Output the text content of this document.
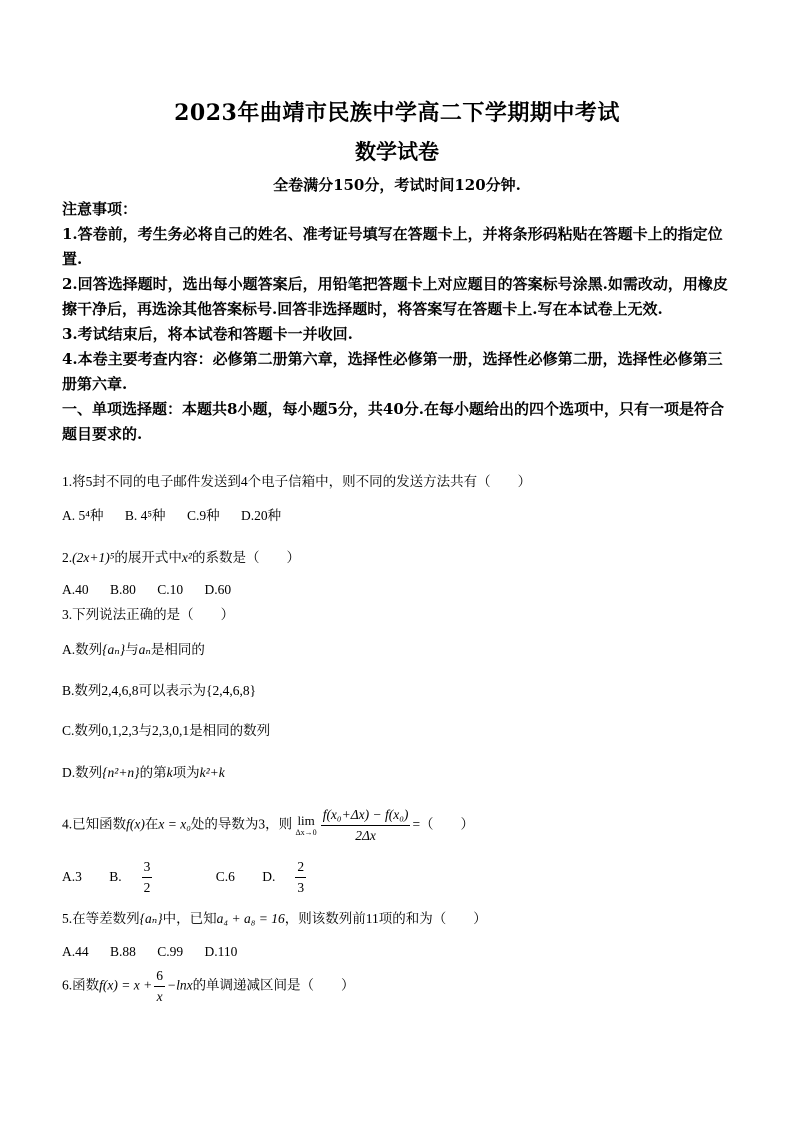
2023年曲靖市民族中学高二下学期期中考试
数学试卷
全卷满分150分，考试时间120分钟.
注意事项：
1.答卷前，考生务必将自己的姓名、准考证号填写在答题卡上，并将条形码粘贴在答题卡上的指定位置.
2.回答选择题时，选出每小题答案后，用铅笔把答题卡上对应题目的答案标号涂黑.如需改动，用橡皮擦干净后，再选涂其他答案标号.回答非选择题时，将答案写在答题卡上.写在本试卷上无效.
3.考试结束后，将本试卷和答题卡一并收回.
4.本卷主要考查内容：必修第二册第六章，选择性必修第一册，选择性必修第二册，选择性必修第三册第六章.
一、单项选择题：本题共8小题，每小题5分，共40分.在每小题给出的四个选项中，只有一项是符合题目要求的.
1.将5封不同的电子邮件发送到4个电子信箱中，则不同的发送方法共有（　　）
A. 5⁴种 B. 4⁵种 C.9种 D.20种
2.(2x+1)⁵的展开式中x²的系数是（　　）
A.40 B.80 C.10 D.60
3.下列说法正确的是（　　）
A.数列{aₙ}与aₙ是相同的
B.数列2,4,6,8可以表示为{2,4,6,8}
C.数列0,1,2,3与2,3,0,1是相同的数列
D.数列{n²+n}的第k项为k²+k
4.已知函数f(x)在x = x₀处的导数为3，则 lim
$\Delta x\to 0 \frac{\text{f(x₀+Δx) − f(x₀)}}{2\Delta x}$ =（　　）
A.3 B. $\frac{3}{2}$	C.6 D. $\frac{2}{3}$
5.在等差数列{aₙ}中，已知a₄ + a₈ = 16，则该数列前11项的和为（　　）
A.44 B.88 C.99 D.110
6.函数$f(x) = x + \frac{6}{x} -\ln x$的单调递减区间是（　　）
